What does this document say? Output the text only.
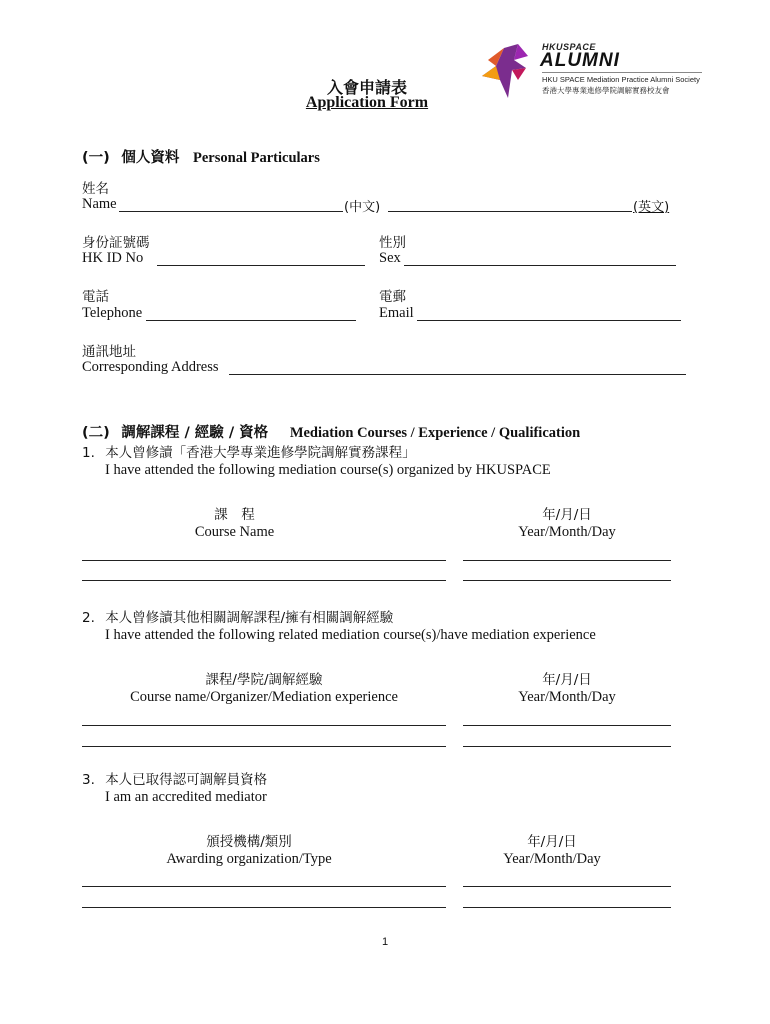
HKUSPACE
ALUMNI
HKU SPACE Mediation Practice Alumni Society
香港大學專業進修學院調解實務校友會
入會申請表
Application Form
(一) 個人資料 Personal Particulars
姓名
Name	(中文)	(英文)
身份証號碼
HK ID No
性別
Sex
電話
Telephone
電郵
Email
通訊地址
Corresponding Address
(二) 調解課程 / 經驗 / 資格 Mediation Courses / Experience / Qualification
1. 本人曾修讀「香港大學專業進修學院調解實務課程」
I have attended the following mediation course(s) organized by HKUSPACE
課　程
Course Name
年/月/日
Year/Month/Day
2. 本人曾修讀其他相關調解課程/擁有相關調解經驗
I have attended the following related mediation course(s)/have mediation experience
課程/學院/調解經驗
Course name/Organizer/Mediation experience
年/月/日
Year/Month/Day
3. 本人已取得認可調解員資格
I am an accredited mediator
頒授機構/類別
Awarding organization/Type
年/月/日
Year/Month/Day
1
